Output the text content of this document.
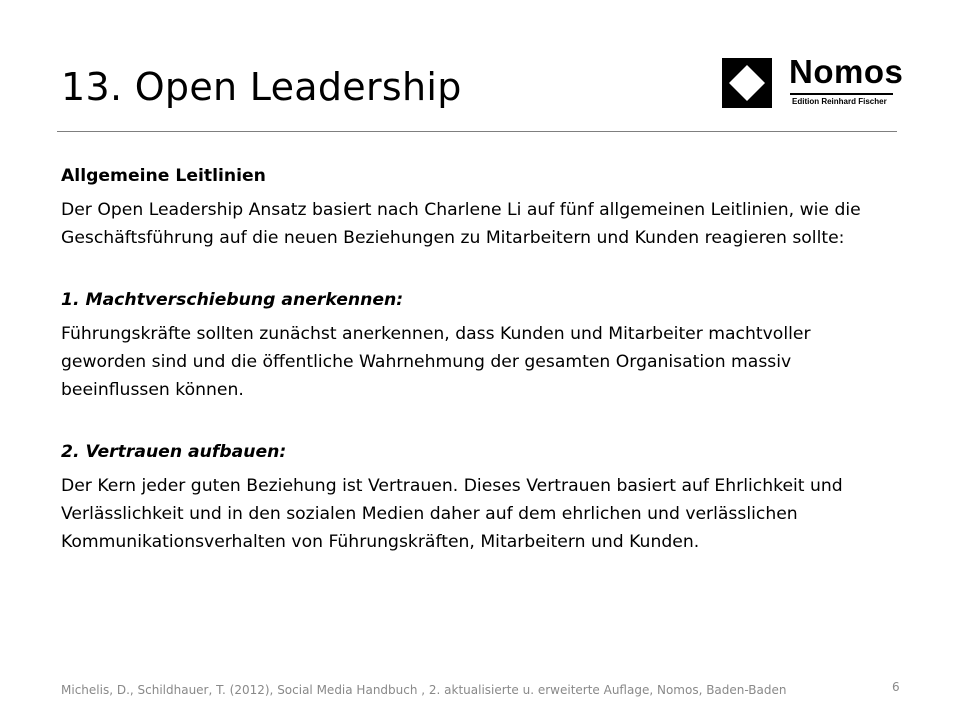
13. Open Leadership	Nomos
Edition Reinhard Fischer

Allgemeine Leitlinien

Der Open Leadership Ansatz basiert nach Charlene Li auf fünf allgemeinen Leitlinien, wie die Geschäftsführung auf die neuen Beziehungen zu Mitarbeitern und Kunden reagieren sollte:

1. Machtverschiebung anerkennen:

Führungskräfte sollten zunächst anerkennen, dass Kunden und Mitarbeiter machtvoller geworden sind und die öffentliche Wahrnehmung der gesamten Organisation massiv beeinflussen können.

2. Vertrauen aufbauen:

Der Kern jeder guten Beziehung ist Vertrauen. Dieses Vertrauen basiert auf Ehrlichkeit und Verlässlichkeit und in den sozialen Medien daher auf dem ehrlichen und verlässlichen Kommunikationsverhalten von Führungskräften, Mitarbeitern und Kunden.

Michelis, D., Schildhauer, T. (2012), Social Media Handbuch , 2. aktualisierte u. erweiterte Auflage, Nomos, Baden-Baden	6
